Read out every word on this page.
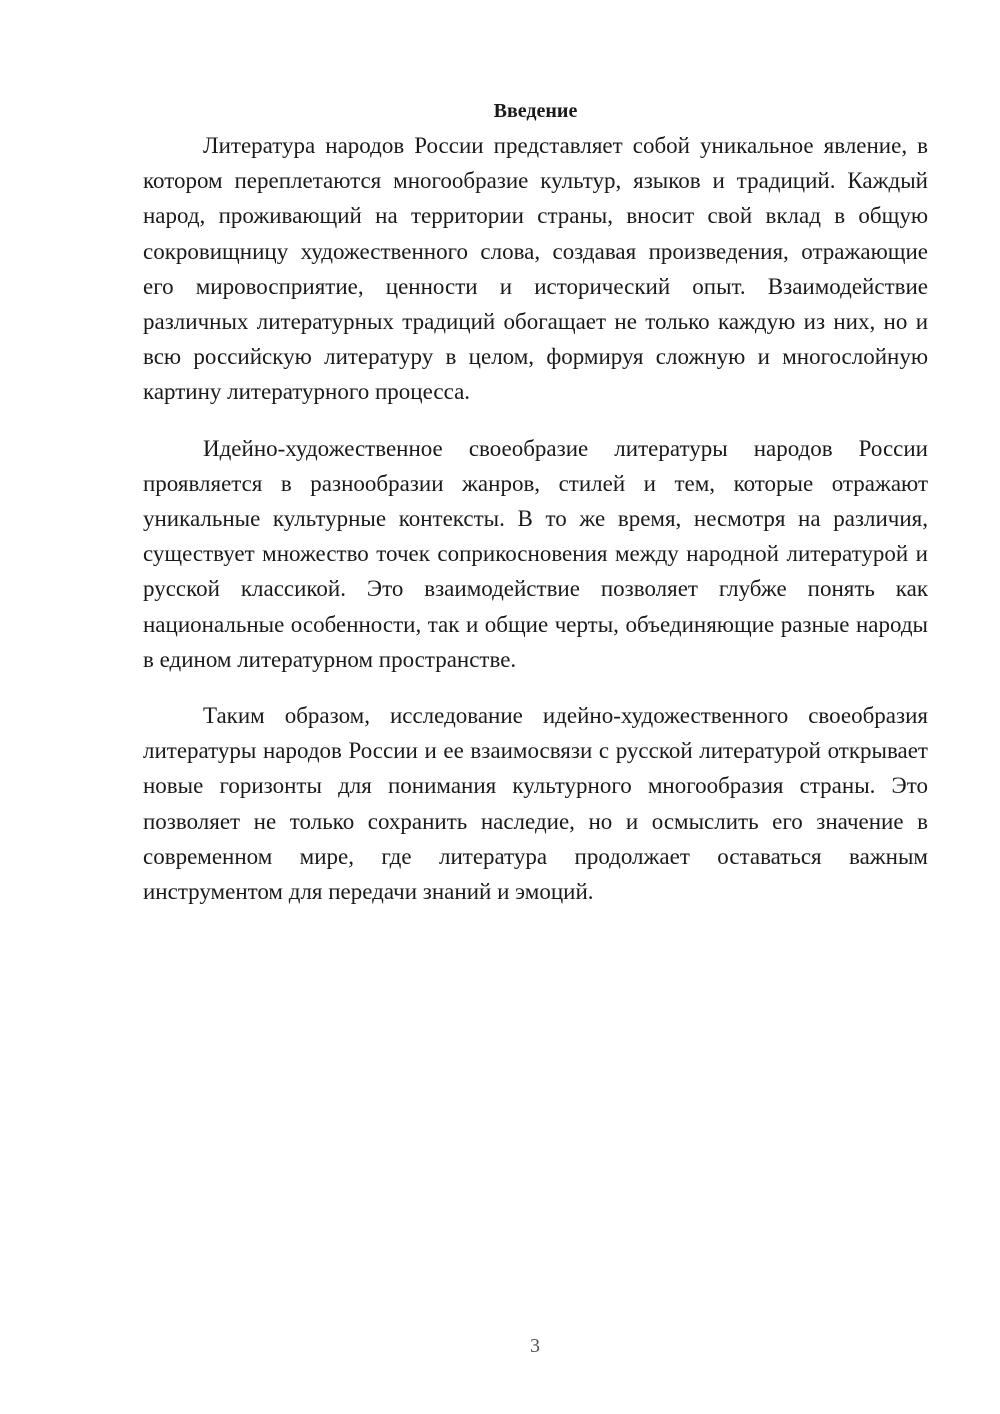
Введение

Литература народов России представляет собой уникальное явление, в котором переплетаются многообразие культур, языков и традиций. Каждый народ, проживающий на территории страны, вносит свой вклад в общую сокровищницу художественного слова, создавая произведения, отражающие его мировосприятие, ценности и исторический опыт. Взаимодействие различных литературных традиций обогащает не только каждую из них, но и всю российскую литературу в целом, формируя сложную и многослойную картину литературного процесса.

Идейно-художественное своеобразие литературы народов России проявляется в разнообразии жанров, стилей и тем, которые отражают уникальные культурные контексты. В то же время, несмотря на различия, существует множество точек соприкосновения между народной литературой и русской классикой. Это взаимодействие позволяет глубже понять как национальные особенности, так и общие черты, объединяющие разные народы в едином литературном пространстве.

Таким образом, исследование идейно-художественного своеобразия литературы народов России и ее взаимосвязи с русской литературой открывает новые горизонты для понимания культурного многообразия страны. Это позволяет не только сохранить наследие, но и осмыслить его значение в современном мире, где литература продолжает оставаться важным инструментом для передачи знаний и эмоций.

3
